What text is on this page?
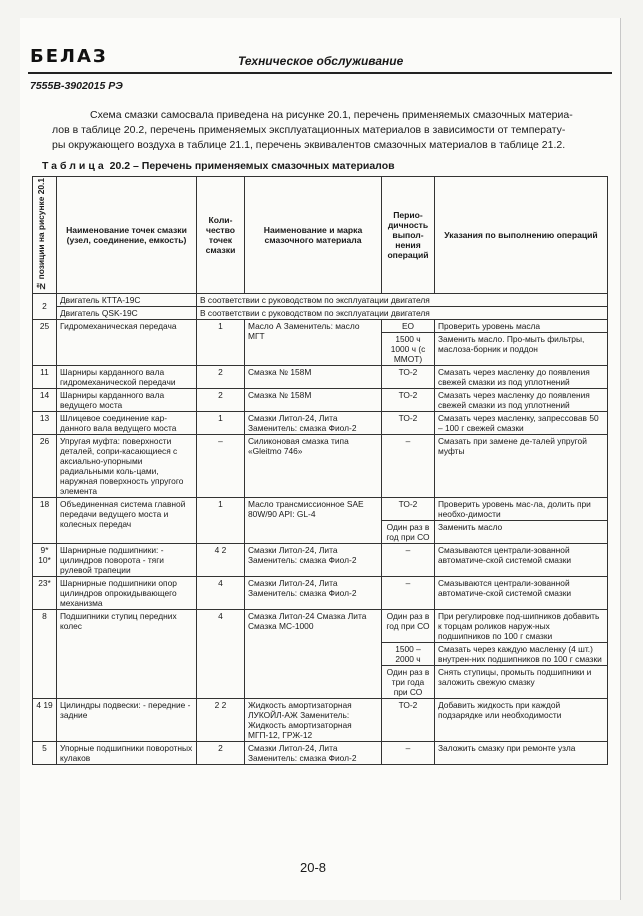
БЕЛАЗ	Техническое обслуживание
7555В-3902015 РЭ
Схема смазки самосвала приведена на рисунке 20.1, перечень применяемых смазочных материа-
лов в таблице 20.2, перечень применяемых эксплуатационных материалов в зависимости от температу-
ры окружающего воздуха в таблице 21.1, перечень эквивалентов смазочных материалов в таблице 21.2.
Таблица 20.2 – Перечень применяемых смазочных материалов
№ позиции на рисунке 20.1	Наименование точек смазки (узел, соединение, емкость)	Коли-чество точек смазки	Наименование и марка смазочного материала	Перио-дичность выпол-нения операций	Указания по выполнению операций
2	Двигатель КТТА-19С	В соответствии с руководством по эксплуатации двигателя			
	Двигатель QSK-19С	В соответствии с руководством по эксплуатации двигателя			
25	Гидромеханическая передача	1	Масло А Заменитель: масло МГТ	ЕО	Проверить уровень масла
				1500 ч 1000 ч (с ММОТ)	Заменить масло. Про-мыть фильтры, маслоза-борник и поддон
11	Шарниры карданного вала гидромеханической передачи	2	Смазка № 158М	ТО-2	Смазать через масленку до появления свежей смазки из под уплотнений
14	Шарниры карданного вала ведущего моста	2	Смазка № 158М	ТО-2	Смазать через масленку до появления свежей смазки из под уплотнений
13	Шлицевое соединение кар-данного вала ведущего моста	1	Смазки Литол-24, Лита Заменитель: смазка Фиол-2	ТО-2	Смазать через масленку, запрессовав 50 – 100 г свежей смазки
26	Упругая муфта: поверхности деталей, сопри-касающиеся с аксиально-упорными радиальными коль-цами, наружная поверхность упругого элемента	–	Силиконовая смазка типа «Gleitmo 746»	–	Смазать при замене де-талей упругой муфты
18	Объединенная система главной передачи ведущего моста и колесных передач	1	Масло трансмиссионное SAE 80W/90 API: GL-4	ТО-2	Проверить уровень мас-ла, долить при необхо-димости
				Один раз в год при СО	Заменить масло
9* 10*	Шарнирные подшипники: - цилиндров поворота - тяги рулевой трапеции	4 2	Смазки Литол-24, Лита Заменитель: смазка Фиол-2	–	Смазываются централи-зованной автоматиче-ской системой смазки
23*	Шарнирные подшипники опор цилиндров опрокидывающего механизма	4	Смазки Литол-24, Лита Заменитель: смазка Фиол-2	–	Смазываются централи-зованной автоматиче-ской системой смазки
8	Подшипники ступиц передних колес	4	Смазка Литол-24 Смазка Лита Смазка МС-1000	Один раз в год при СО	При регулировке под-шипников добавить к торцам роликов наруж-ных подшипников по 100 г смазки
				1500 – 2000 ч	Смазать через каждую масленку (4 шт.) внутрен-них подшипников по 100 г смазки
				Один раз в три года при СО	Снять ступицы, промыть подшипники и заложить свежую смазку
4 19	Цилиндры подвески: - передние - задние	2 2	Жидкость амортизаторная ЛУКОЙЛ-АЖ Заменитель: Жидкость амортизаторная МГП-12, ГРЖ-12	ТО-2	Добавить жидкость при каждой подзарядке или необходимости
5	Упорные подшипники поворотных кулаков	2	Смазки Литол-24, Лита Заменитель: смазка Фиол-2	–	Заложить смазку при ремонте узла
20-8
